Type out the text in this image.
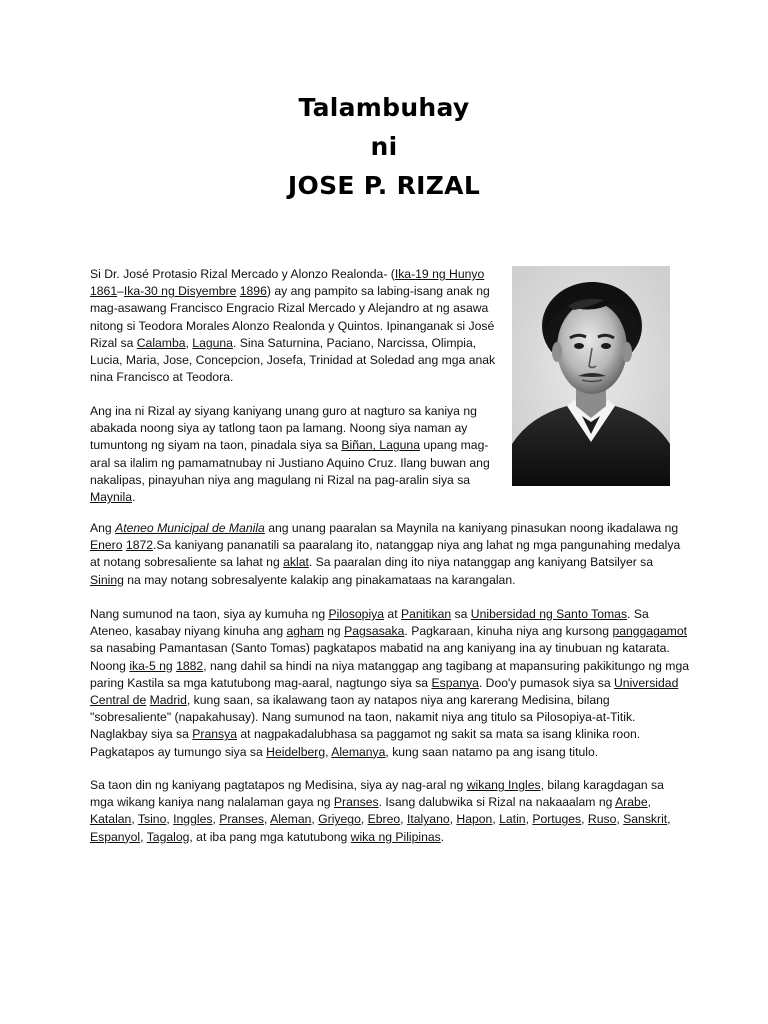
Talambuhay
ni
JOSE P. RIZAL
Si Dr. José Protasio Rizal Mercado y Alonzo Realonda- (Ika-19 ng Hunyo 1861–Ika-30 ng Disyembre 1896) ay ang pampito sa labing-isang anak ng mag-asawang Francisco Engracio Rizal Mercado y Alejandro at ng asawa nitong si Teodora Morales Alonzo Realonda y Quintos. Ipinanganak si José Rizal sa Calamba, Laguna. Sina Saturnina, Paciano, Narcissa, Olimpia, Lucia, Maria, Jose, Concepcion, Josefa, Trinidad at Soledad ang mga anak nina Francisco at Teodora.
Ang ina ni Rizal ay siyang kaniyang unang guro at nagturo sa kaniya ng abakada noong siya ay tatlong taon pa lamang. Noong siya naman ay tumuntong ng siyam na taon, pinadala siya sa Biñan, Laguna upang mag-aral sa ilalim ng pamamatnubay ni Justiano Aquino Cruz. Ilang buwan ang nakalipas, pinayuhan niya ang magulang ni Rizal na pag-aralin siya sa Maynila.
Ang Ateneo Municipal de Manila ang unang paaralan sa Maynila na kaniyang pinasukan noong ikadalawa ng Enero 1872.Sa kaniyang pananatili sa paaralang ito, natanggap niya ang lahat ng mga pangunahing medalya at notang sobresaliente sa lahat ng aklat. Sa paaralan ding ito niya natanggap ang kaniyang Batsilyer sa Sining na may notang sobresalyente kalakip ang pinakamataas na karangalan.
Nang sumunod na taon, siya ay kumuha ng Pilosopiya at Panitikan sa Unibersidad ng Santo Tomas. Sa Ateneo, kasabay niyang kinuha ang agham ng Pagsasaka. Pagkaraan, kinuha niya ang kursong panggagamot sa nasabing Pamantasan (Santo Tomas) pagkatapos mabatid na ang kaniyang ina ay tinubuan ng katarata. Noong ika-5 ng 1882, nang dahil sa hindi na niya matanggap ang tagibang at mapansuring pakikitungo ng mga paring Kastila sa mga katutubong mag-aaral, nagtungo siya sa Espanya. Doo'y pumasok siya sa Universidad Central de Madrid, kung saan, sa ikalawang taon ay natapos niya ang karerang Medisina, bilang "sobresaliente" (napakahusay). Nang sumunod na taon, nakamit niya ang titulo sa Pilosopiya-at-Titik. Naglakbay siya sa Pransya at nagpakadalubhasa sa paggamot ng sakit sa mata sa isang klinika roon. Pagkatapos ay tumungo siya sa Heidelberg, Alemanya, kung saan natamo pa ang isang titulo.
Sa taon din ng kaniyang pagtatapos ng Medisina, siya ay nag-aral ng wikang Ingles, bilang karagdagan sa mga wikang kaniya nang nalalaman gaya ng Pranses. Isang dalubwika si Rizal na nakaaalam ng Arabe, Katalan, Tsino, Inggles, Pranses, Aleman, Griyego, Ebreo, Italyano, Hapon, Latin, Portuges, Ruso, Sanskrit, Espanyol, Tagalog, at iba pang mga katutubong wika ng Pilipinas.
